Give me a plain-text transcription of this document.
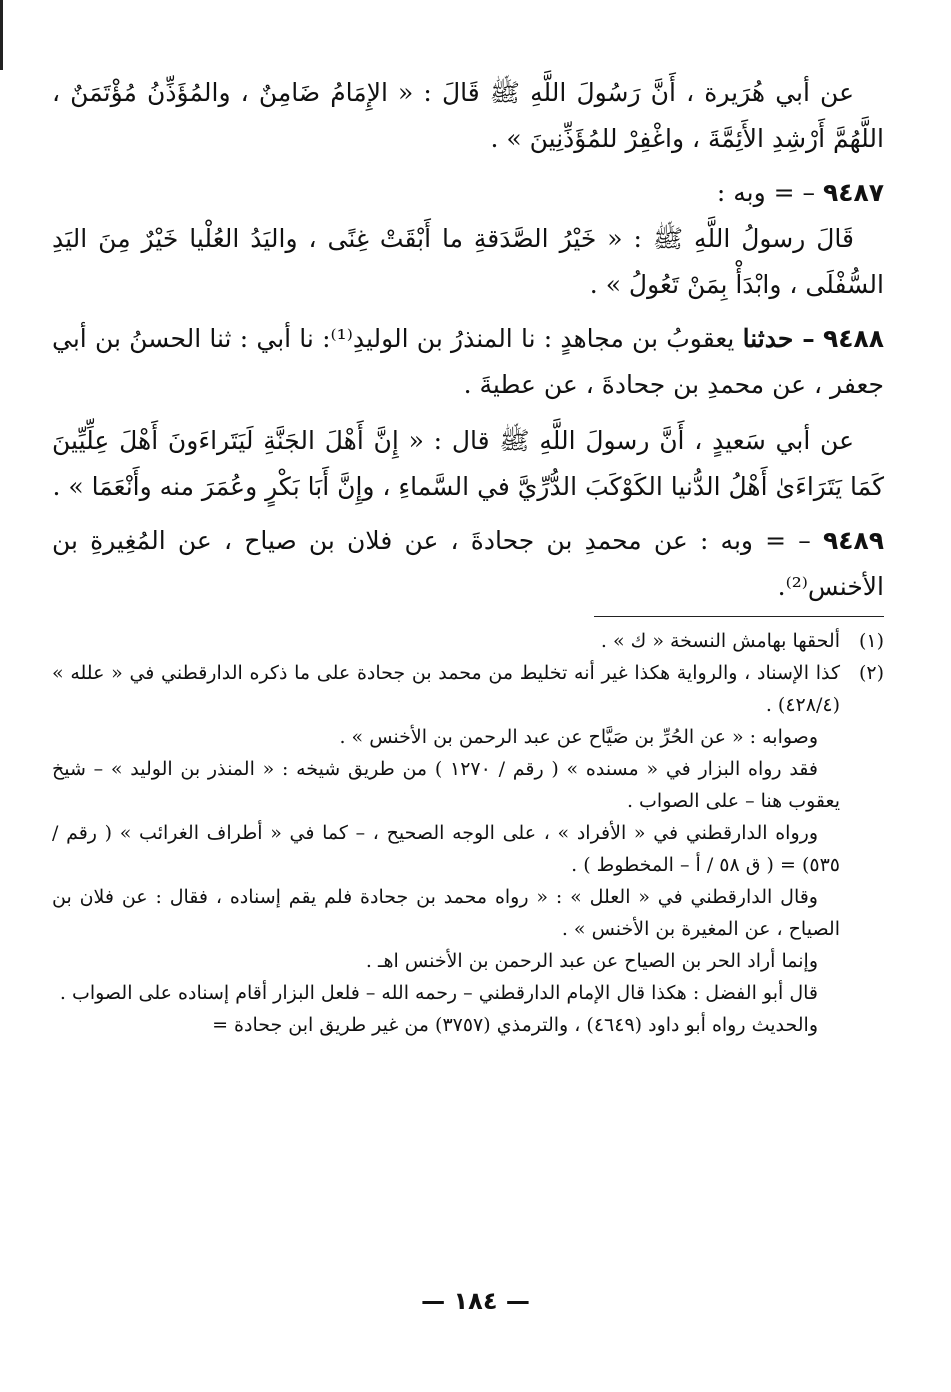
عن أبي هُرَيرة ، أَنَّ رَسُولَ اللَّهِ ﷺ قَالَ : « الإِمَامُ ضَامِنٌ ، والمُؤَذِّنُ مُؤْتَمَنٌ ، اللَّهُمَّ أَرْشِدِ الأَئِمَّةَ ، واغْفِرْ للمُؤَذِّنِينَ » .

٩٤٨٧ – = وبه :

قَالَ رسولُ اللَّهِ ﷺ : « خَيْرُ الصَّدَقةِ ما أَبْقَتْ غِنًى ، واليَدُ العُلْيا خَيْرٌ مِنَ اليَدِ السُّفْلَى ، وابْدَأْ بِمَنْ تَعُولُ » .

٩٤٨٨ – حدثنا يعقوبُ بن مجاهدٍ : نا المنذرُ بن الوليدِ⁽¹⁾: نا أبي : ثنا الحسنُ بن أبي جعفر ، عن محمدِ بن جحادةَ ، عن عطيةَ .

عن أبي سَعيدٍ ، أَنَّ رسولَ اللَّهِ ﷺ قال : « إِنَّ أَهْلَ الجَنَّةِ لَيَتَراءَونَ أَهْلَ عِلِّيِّينَ كَمَا يَتَرَاءَىٰ أَهْلُ الدُّنيا الكَوْكَبَ الدُّرِّيَّ في السَّماءِ ، وإِنَّ أَبَا بَكْرٍ وعُمَرَ منه وأَنْعَمَا » .

٩٤٨٩ – = وبه : عن محمدِ بن جحادةَ ، عن فلان بن صياح ، عن المُغِيرةِ بن الأخنس⁽²⁾.

(١)
ألحقها بهامش النسخة « ك » .
(٢)
كذا الإسناد ، والرواية هكذا غير أنه تخليط من محمد بن جحادة على ما ذكره الدارقطني في « علله » (٤٢٨/٤) .
وصوابه : « عن الحُرِّ بن صَيَّاح عن عبد الرحمن بن الأخنس » .
فقد رواه البزار في « مسنده » ( رقم / ١٢٧٠ ) من طريق شيخه : « المنذر بن الوليد » – شيخ يعقوب هنا – على الصواب .
ورواه الدارقطني في « الأفراد » ، على الوجه الصحيح ، – كما في « أطراف الغرائب » ( رقم / ٥٣٥) = ( ق ٥٨ / أ – المخطوط ) .
وقال الدارقطني في « العلل » : « رواه محمد بن جحادة فلم يقم إسناده ، فقال : عن فلان بن الصياح ، عن المغيرة بن الأخنس » .
وإنما أراد الحر بن الصياح عن عبد الرحمن بن الأخنس اهـ .
قال أبو الفضل : هكذا قال الإمام الدارقطني – رحمه الله – فلعل البزار أقام إسناده على الصواب .
والحديث رواه أبو داود (٤٦٤٩) ، والترمذي (٣٧٥٧) من غير طريق ابن جحادة =
— ١٨٤ —
